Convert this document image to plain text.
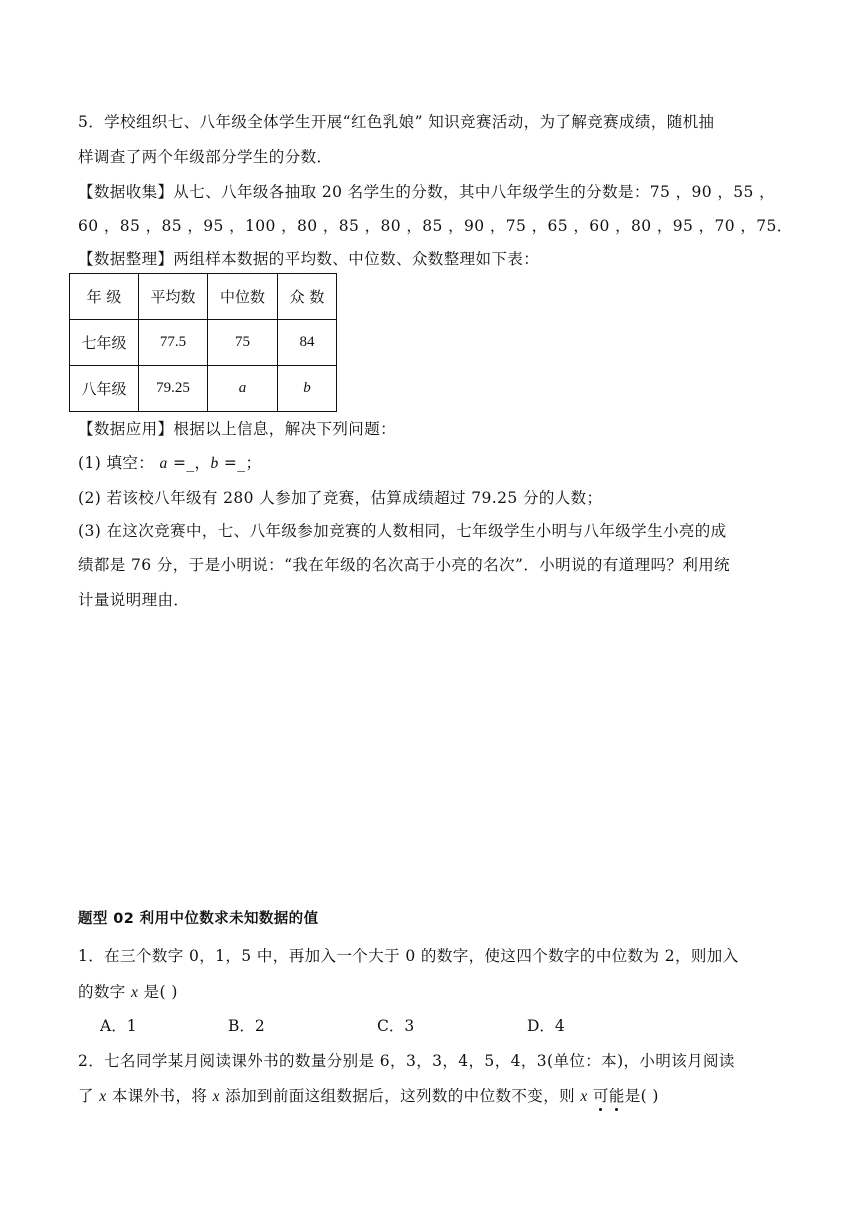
5．学校组织七、八年级全体学生开展“红色乳娘” 知识竞赛活动，为了解竞赛成绩，随机抽
样调查了两个年级部分学生的分数．
【数据收集】从七、八年级各抽取 20 名学生的分数，其中八年级学生的分数是：75 ，90 ，55 ，
60 ，85 ，85 ，95 ，100 ，80 ，85 ，80 ，85 ，90 ，75 ，65 ，60 ，80 ，95 ，70 ，75．
【数据整理】两组样本数据的平均数、中位数、众数整理如下表：
年 级	平均数	中位数	众 数
七年级	77.5	75	84
八年级	79.25	a	b
【数据应用】根据以上信息，解决下列问题：
(1) 填空： a =_，b =_；
(2) 若该校八年级有 280 人参加了竞赛，估算成绩超过 79.25 分的人数；
(3) 在这次竞赛中，七、八年级参加竞赛的人数相同，七年级学生小明与八年级学生小亮的成
绩都是 76 分，于是小明说：“我在年级的名次高于小亮的名次”．小明说的有道理吗？利用统
计量说明理由．
题型 02 利用中位数求未知数据的值
1．在三个数字 0，1，5 中，再加入一个大于 0 的数字，使这四个数字的中位数为 2，则加入
的数字 x 是( )
A．1	B．2	C．3	D．4
2．七名同学某月阅读课外书的数量分别是 6，3，3，4，5，4，3(单位：本)，小明该月阅读
了 x 本课外书，将 x 添加到前面这组数据后，这列数的中位数不变，则 x 可能是( )
